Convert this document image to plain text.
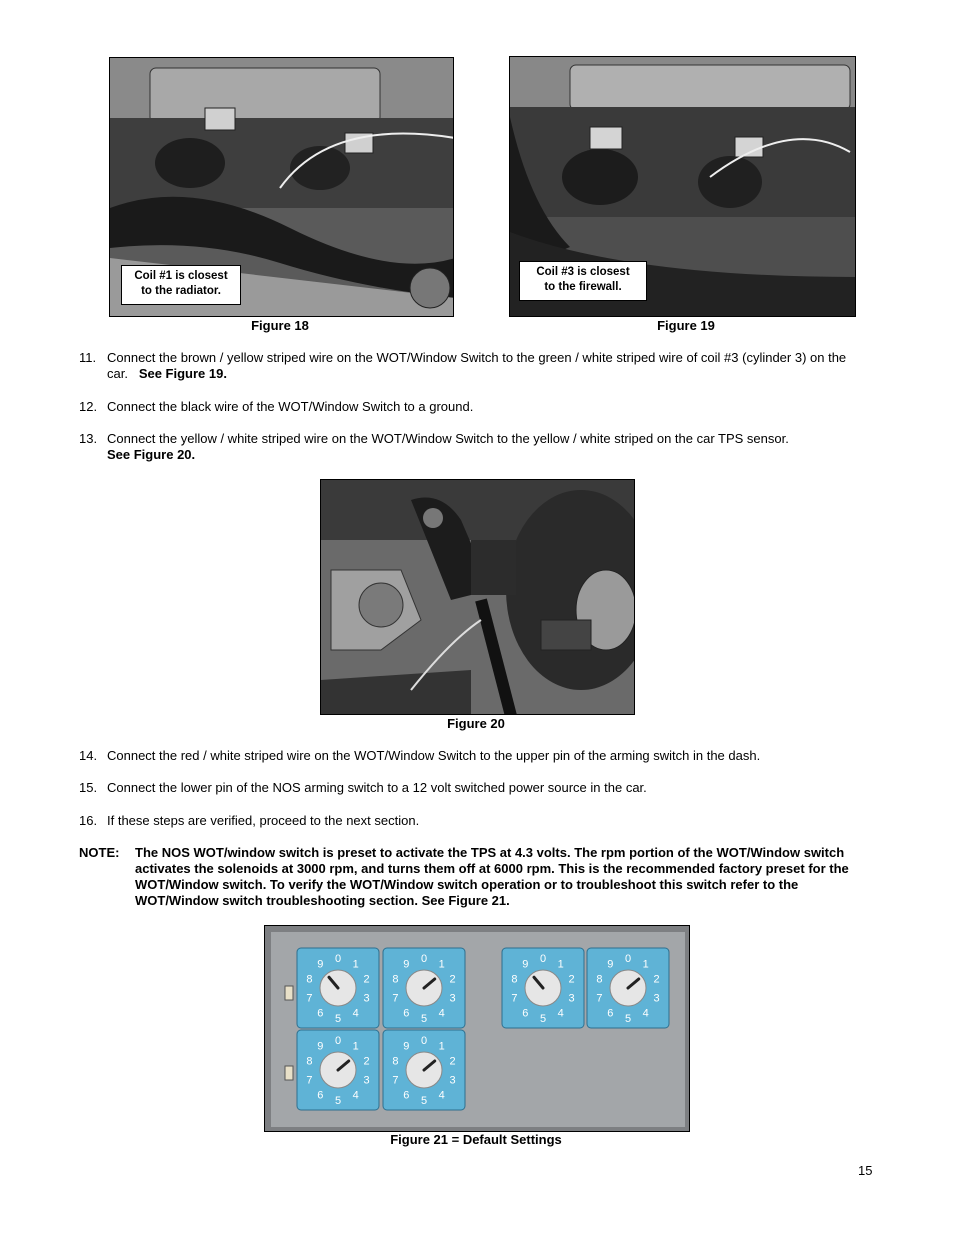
Coil #1 is closest
to the radiator.
Figure 18
Coil #3 is closest
to the firewall.
Figure 19
11. Connect the brown / yellow striped wire on the WOT/Window Switch to the green / white striped wire of coil #3 (cylinder 3) on the car. See Figure 19.
12. Connect the black wire of the WOT/Window Switch to a ground.
13. Connect the yellow / white striped wire on the WOT/Window Switch to the yellow / white striped on the car TPS sensor.
See Figure 20.
Figure 20
14. Connect the red / white striped wire on the WOT/Window Switch to the upper pin of the arming switch in the dash.
15. Connect the lower pin of the NOS arming switch to a 12 volt switched power source in the car.
16. If these steps are verified, proceed to the next section.
NOTE: The NOS WOT/window switch is preset to activate the TPS at 4.3 volts. The rpm portion of the WOT/Window switch activates the solenoids at 3000 rpm, and turns them off at 6000 rpm. This is the recommended factory preset for the WOT/Window switch. To verify the WOT/Window switch operation or to troubleshoot this switch refer to the WOT/Window switch troubleshooting section. See Figure 21.
0 1
2
3
4
5
6
7
8
9	0 1
2
3
4
5
6
7
8
9	0 1
2
3
4
5
6
7
8
9	0 1
2
3
4
5
6
7
8
9
0 1
2
3
4
5
6
7
8
9	0 1
2
3
4
5
6
7
8
9
Figure 21 = Default Settings
15
